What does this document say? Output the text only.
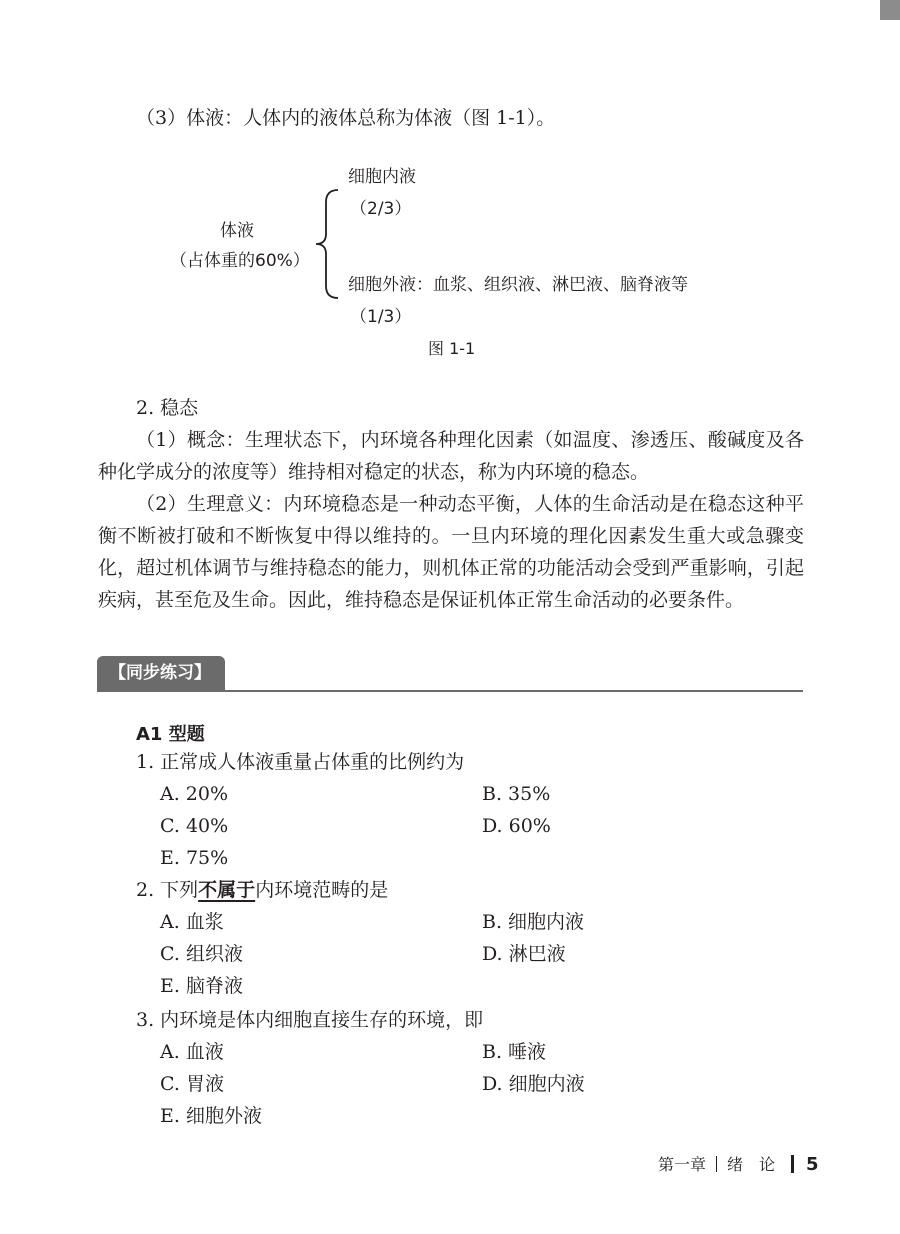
（3）体液：人体内的液体总称为体液（图 1-1）。
细胞内液
（2/3）
体液
（占体重的60%）
细胞外液：血浆、组织液、淋巴液、脑脊液等
（1/3）
图 1-1
2. 稳态
（1）概念：生理状态下，内环境各种理化因素（如温度、渗透压、酸碱度及各种化学成分的浓度等）维持相对稳定的状态，称为内环境的稳态。
（2）生理意义：内环境稳态是一种动态平衡，人体的生命活动是在稳态这种平衡不断被打破和不断恢复中得以维持的。一旦内环境的理化因素发生重大或急骤变化，超过机体调节与维持稳态的能力，则机体正常的功能活动会受到严重影响，引起疾病，甚至危及生命。因此，维持稳态是保证机体正常生命活动的必要条件。
【同步练习】
A1 型题
1. 正常成人体液重量占体重的比例约为
A. 20%	B. 35%
C. 40%	D. 60%
E. 75%
2. 下列不属于内环境范畴的是
A. 血浆	B. 细胞内液
C. 组织液	D. 淋巴液
E. 脑脊液
3. 内环境是体内细胞直接生存的环境，即
A. 血液	B. 唾液
C. 胃液	D. 细胞内液
E. 细胞外液
第一章 绪　论 5
